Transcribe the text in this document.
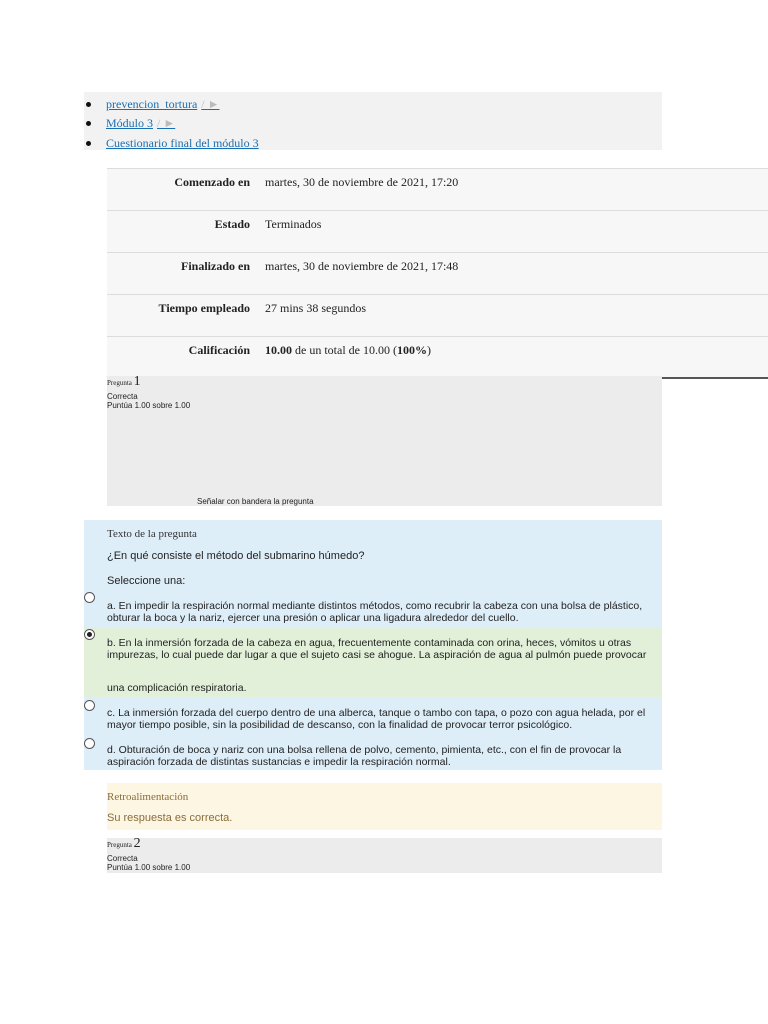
prevencion_tortura / ►
Módulo 3 / ►
Cuestionario final del módulo 3
Comenzado en martes, 30 de noviembre de 2021, 17:20
Estado Terminados
Finalizado en martes, 30 de noviembre de 2021, 17:48
Tiempo empleado 27 mins 38 segundos
Calificación 10.00 de un total de 10.00 (100%)
Pregunta 1
Correcta
Puntúa 1.00 sobre 1.00
Señalar con bandera la pregunta
Texto de la pregunta
¿En qué consiste el método del submarino húmedo?
Seleccione una:
a. En impedir la respiración normal mediante distintos métodos, como recubrir la cabeza con una bolsa de plástico, obturar la boca y la nariz, ejercer una presión o aplicar una ligadura alrededor del cuello.
b. En la inmersión forzada de la cabeza en agua, frecuentemente contaminada con orina, heces, vómitos u otras impurezas, lo cual puede dar lugar a que el sujeto casi se ahogue. La aspiración de agua al pulmón puede provocar
una complicación respiratoria.
c. La inmersión forzada del cuerpo dentro de una alberca, tanque o tambo con tapa, o pozo con agua helada, por el mayor tiempo posible, sin la posibilidad de descanso, con la finalidad de provocar terror psicológico.
d. Obturación de boca y nariz con una bolsa rellena de polvo, cemento, pimienta, etc., con el fin de provocar la aspiración forzada de distintas sustancias e impedir la respiración normal.
Retroalimentación
Su respuesta es correcta.
Pregunta 2
Correcta
Puntúa 1.00 sobre 1.00
